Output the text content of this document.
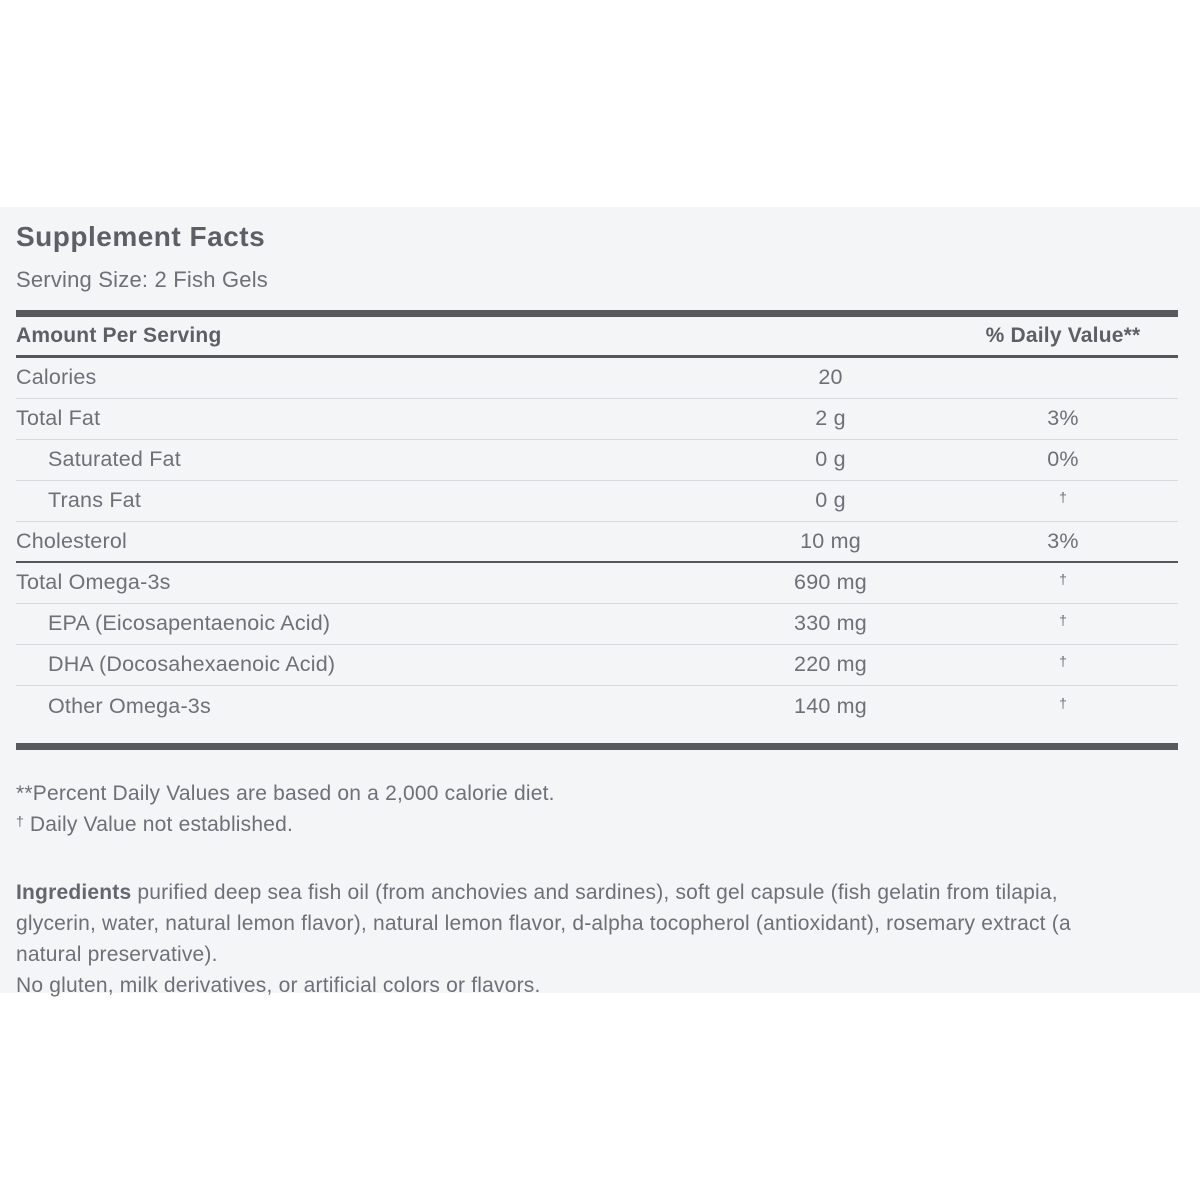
Supplement Facts
Serving Size: 2 Fish Gels
Amount Per Serving	% Daily Value**
Calories	20
Total Fat	2 g	3%
Saturated Fat	0 g	0%
Trans Fat	0 g	†
Cholesterol	10 mg	3%
Total Omega-3s	690 mg	†
EPA (Eicosapentaenoic Acid)	330 mg	†
DHA (Docosahexaenoic Acid)	220 mg	†
Other Omega-3s	140 mg	†
**Percent Daily Values are based on a 2,000 calorie diet.
† Daily Value not established.
Ingredients purified deep sea fish oil (from anchovies and sardines), soft gel capsule (fish gelatin from tilapia, glycerin, water, natural lemon flavor), natural lemon flavor, d-alpha tocopherol (antioxidant), rosemary extract (a natural preservative).
No gluten, milk derivatives, or artificial colors or flavors.
